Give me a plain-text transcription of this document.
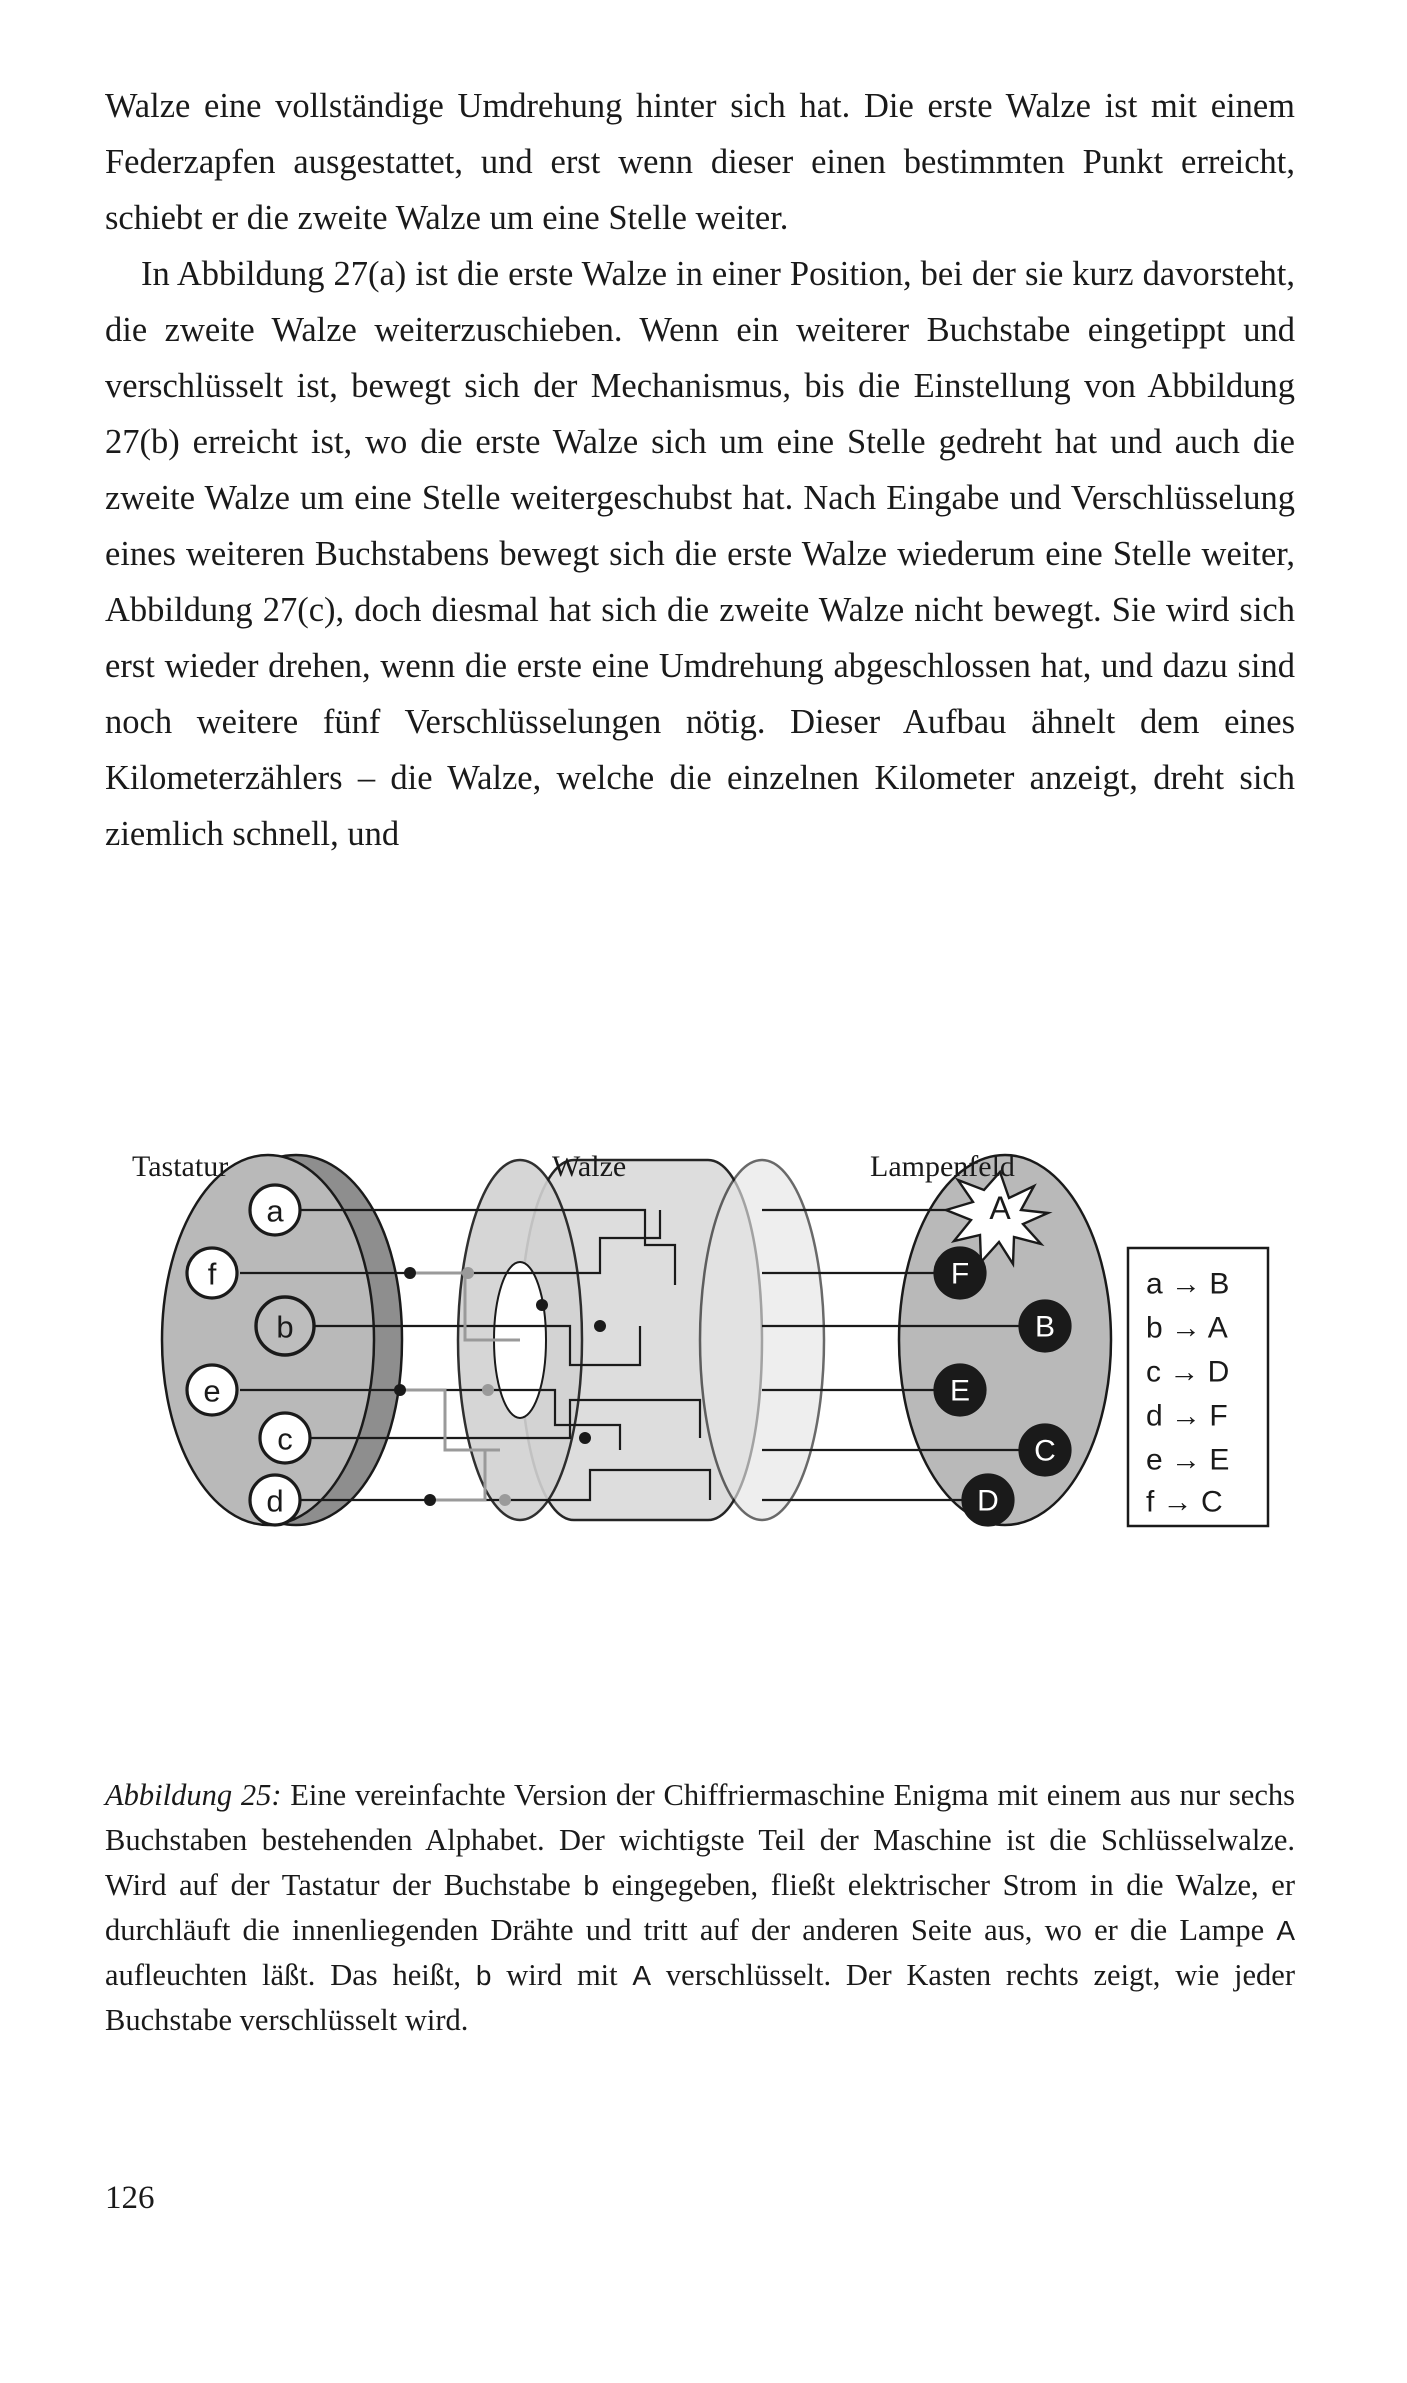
Walze eine vollständige Umdrehung hinter sich hat. Die erste Walze ist mit einem Federzapfen ausgestattet, und erst wenn dieser einen bestimmten Punkt erreicht, schiebt er die zweite Walze um eine Stelle weiter.

In Abbildung 27(a) ist die erste Walze in einer Position, bei der sie kurz davorsteht, die zweite Walze weiterzuschieben. Wenn ein weiterer Buchstabe eingetippt und verschlüsselt ist, bewegt sich der Mechanismus, bis die Einstellung von Abbildung 27(b) erreicht ist, wo die erste Walze sich um eine Stelle gedreht hat und auch die zweite Walze um eine Stelle weitergeschubst hat. Nach Eingabe und Verschlüsselung eines weiteren Buchstabens bewegt sich die erste Walze wiederum eine Stelle weiter, Abbildung 27(c), doch diesmal hat sich die zweite Walze nicht bewegt. Sie wird sich erst wieder drehen, wenn die erste eine Umdrehung abgeschlossen hat, und dazu sind noch weitere fünf Verschlüsselungen nötig. Dieser Aufbau ähnelt dem eines Kilometerzählers – die Walze, welche die einzelnen Kilometer anzeigt, dreht sich ziemlich schnell, und

Tastatur	Walze	Lampenfeld
a
f
b
e
c
d
A
F
B
E
C
D
a → B
b → A
c → D
d → F
e → E
f → C
Abbildung 25: Eine vereinfachte Version der Chiffriermaschine Enigma mit einem aus nur sechs Buchstaben bestehenden Alphabet. Der wichtigste Teil der Maschine ist die Schlüsselwalze. Wird auf der Tastatur der Buchstabe b eingegeben, fließt elektrischer Strom in die Walze, er durchläuft die innenliegenden Drähte und tritt auf der anderen Seite aus, wo er die Lampe A aufleuchten läßt. Das heißt, b wird mit A verschlüsselt. Der Kasten rechts zeigt, wie jeder Buchstabe verschlüsselt wird.
126
